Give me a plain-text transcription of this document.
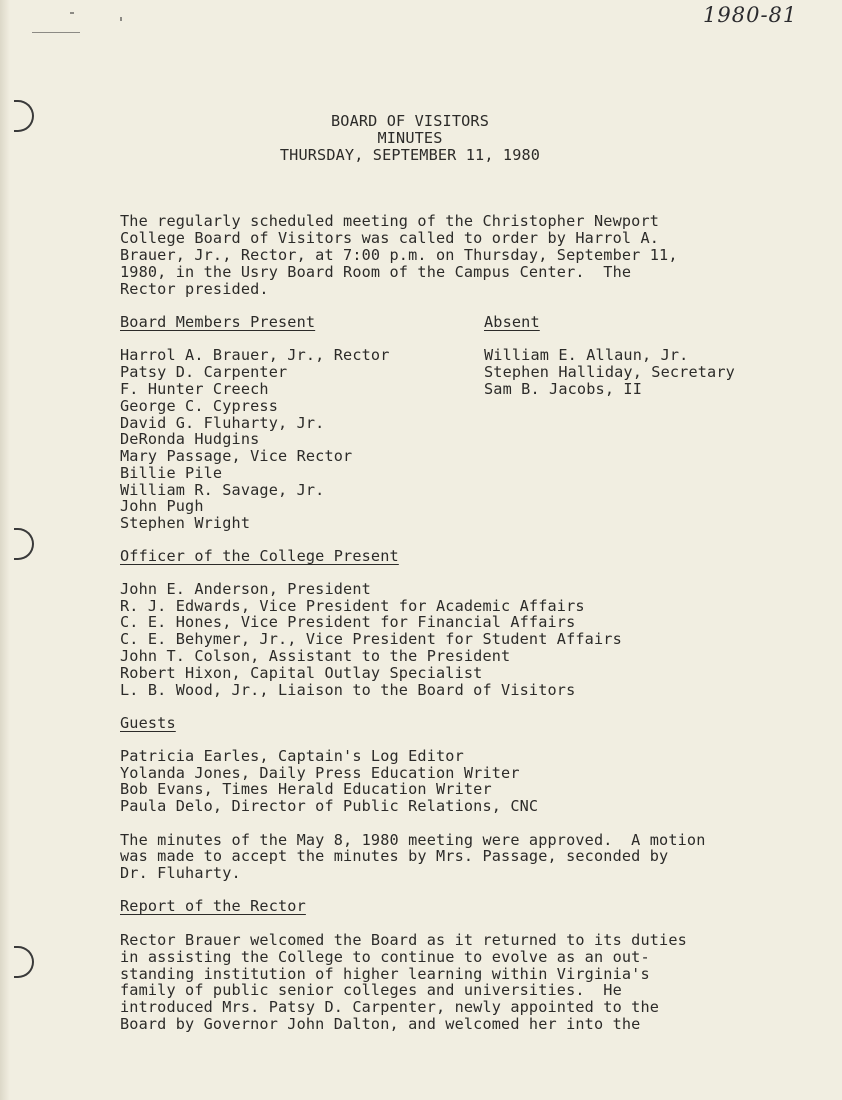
1980-81
BOARD OF VISITORS
MINUTES
THURSDAY, SEPTEMBER 11, 1980
The regularly scheduled meeting of the Christopher Newport
College Board of Visitors was called to order by Harrol A.
Brauer, Jr., Rector, at 7:00 p.m. on Thursday, September 11,
1980, in the Usry Board Room of the Campus Center.  The
Rector presided.
Board Members Present
Harrol A. Brauer, Jr., Rector
Patsy D. Carpenter
F. Hunter Creech
George C. Cypress
David G. Fluharty, Jr.
DeRonda Hudgins
Mary Passage, Vice Rector
Billie Pile
William R. Savage, Jr.
John Pugh
Stephen Wright
Absent
William E. Allaun, Jr.
Stephen Halliday, Secretary
Sam B. Jacobs, II
Officer of the College Present
John E. Anderson, President
R. J. Edwards, Vice President for Academic Affairs
C. E. Hones, Vice President for Financial Affairs
C. E. Behymer, Jr., Vice President for Student Affairs
John T. Colson, Assistant to the President
Robert Hixon, Capital Outlay Specialist
L. B. Wood, Jr., Liaison to the Board of Visitors
Guests
Patricia Earles, Captain's Log Editor
Yolanda Jones, Daily Press Education Writer
Bob Evans, Times Herald Education Writer
Paula Delo, Director of Public Relations, CNC
The minutes of the May 8, 1980 meeting were approved.  A motion
was made to accept the minutes by Mrs. Passage, seconded by
Dr. Fluharty.
Report of the Rector
Rector Brauer welcomed the Board as it returned to its duties
in assisting the College to continue to evolve as an out-
standing institution of higher learning within Virginia's
family of public senior colleges and universities.  He
introduced Mrs. Patsy D. Carpenter, newly appointed to the
Board by Governor John Dalton, and welcomed her into the
